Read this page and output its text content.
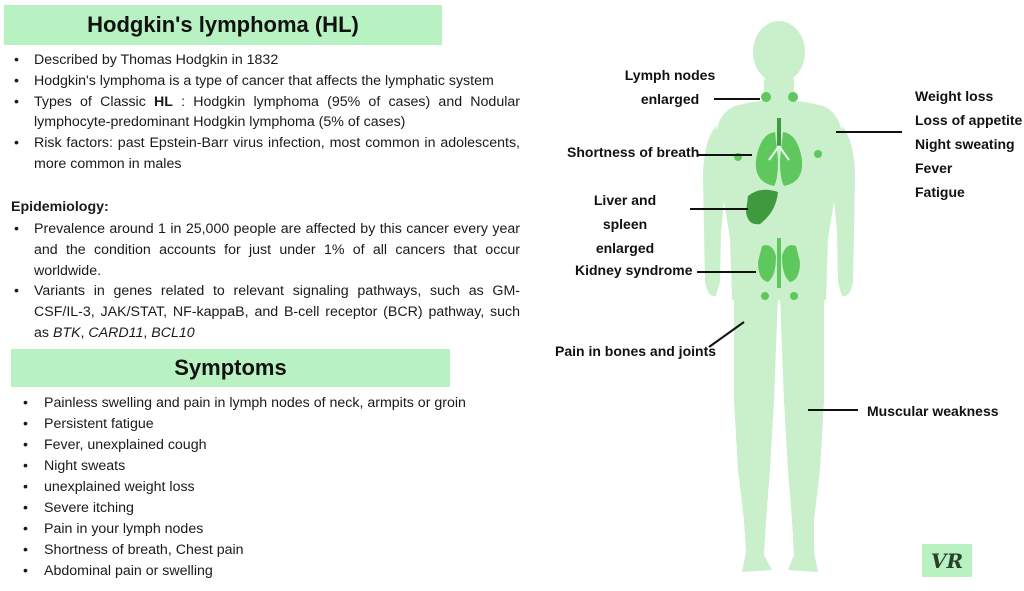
Hodgkin's lymphoma (HL)
• Described by Thomas Hodgkin in 1832
• Hodgkin's lymphoma is a type of cancer that affects the lymphatic system
• Types of Classic HL : Hodgkin lymphoma (95% of cases) and Nodular lymphocyte-predominant Hodgkin lymphoma (5% of cases)
• Risk factors: past Epstein-Barr virus infection, most common in adolescents, more common in males
Epidemiology:
• Prevalence around 1 in 25,000 people are affected by this cancer every year and the condition accounts for just under 1% of all cancers that occur worldwide.
• Variants in genes related to relevant signaling pathways, such as GM-CSF/IL-3, JAK/STAT, NF-kappaB, and B-cell receptor (BCR) pathway, such as BTK, CARD11, BCL10
Symptoms
• Painless swelling and pain in lymph nodes of neck, armpits or groin
• Persistent fatigue
• Fever, unexplained cough
• Night sweats
• unexplained weight loss
• Severe itching
• Pain in your lymph nodes
• Shortness of breath, Chest pain
• Abdominal pain or swelling
Lymph nodes
enlarged
Shortness of breath
Liver and spleen
enlarged
Kidney syndrome
Pain in bones and joints
Muscular weakness
Weight loss
Loss of appetite
Night sweating
Fever
Fatigue
VR
